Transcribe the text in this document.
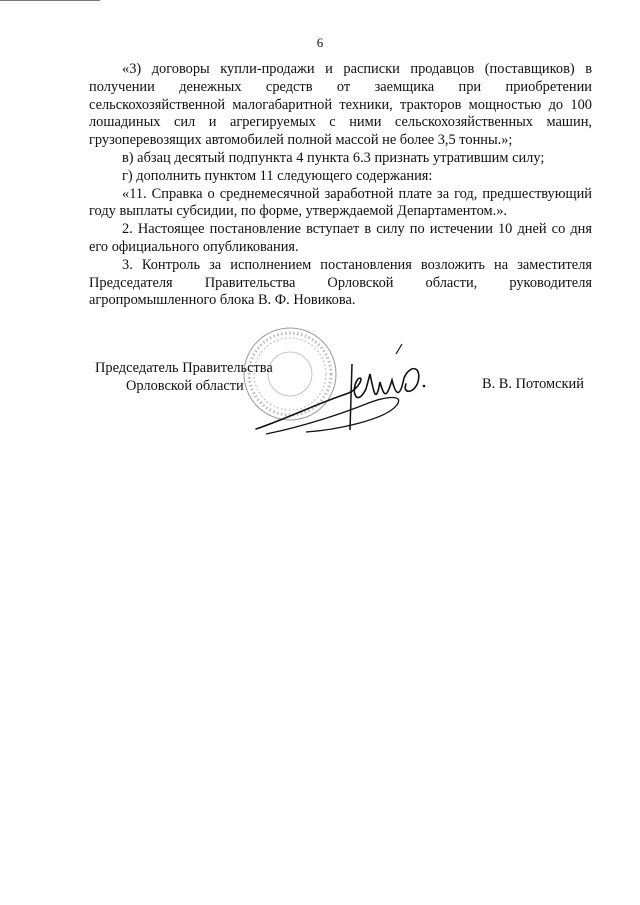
6

«3) договоры купли-продажи и расписки продавцов (поставщиков) в получении денежных средств от заемщика при приобретении сельскохозяйственной малогабаритной техники, тракторов мощностью до 100 лошадиных сил и агрегируемых с ними сельскохозяйственных машин, грузоперевозящих автомобилей полной массой не более 3,5 тонны.»;

в) абзац десятый подпункта 4 пункта 6.3 признать утратившим силу;

г) дополнить пунктом 11 следующего содержания:

«11. Справка о среднемесячной заработной плате за год, предшествующий году выплаты субсидии, по форме, утверждаемой Департаментом.».

2. Настоящее постановление вступает в силу по истечении 10 дней со дня его официального опубликования.

3. Контроль за исполнением постановления возложить на заместителя Председателя Правительства Орловской области, руководителя агропромышленного блока В. Ф. Новикова.

Председатель Правительства
Орловской области	В. В. Потомский
